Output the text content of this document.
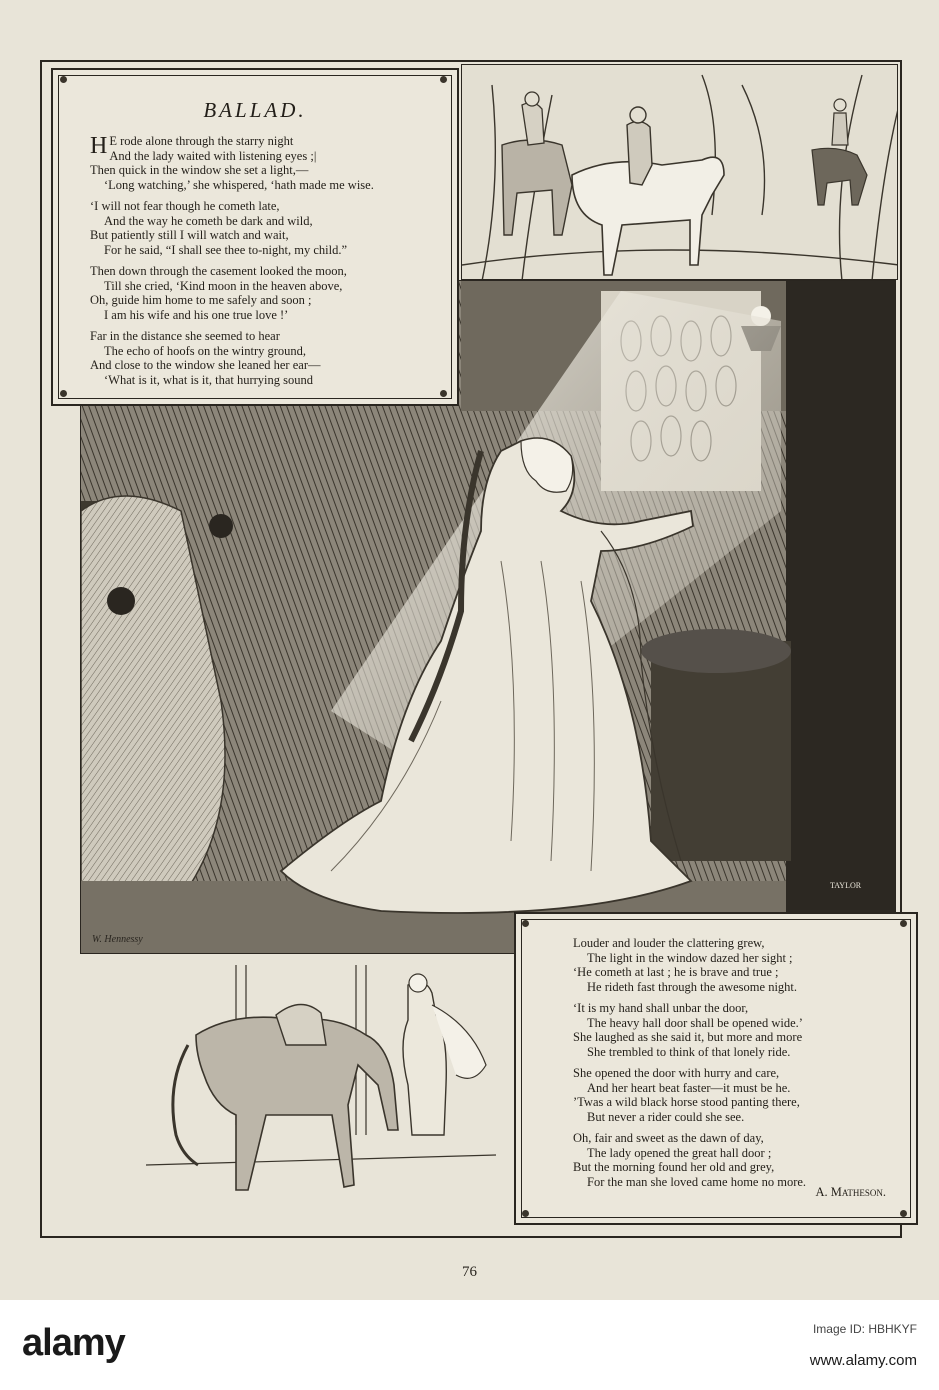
W. Hennessy
TAYLOR
BALLAD.
H E rode alone through the starry night
And the lady waited with listening eyes ;|
Then quick in the window she set a light,—
‘Long watching,’ she whispered, ‘hath made me wise.
‘I will not fear though he cometh late,
And the way he cometh be dark and wild,
But patiently still I will watch and wait,
For he said, “I shall see thee to-night, my child.”
Then down through the casement looked the moon,
Till she cried, ‘Kind moon in the heaven above,
Oh, guide him home to me safely and soon ;
I am his wife and his one true love !’
Far in the distance she seemed to hear
The echo of hoofs on the wintry ground,
And close to the window she leaned her ear—
‘What is it, what is it, that hurrying sound
Louder and louder the clattering grew,
The light in the window dazed her sight ;
‘He cometh at last ; he is brave and true ;
He rideth fast through the awesome night.
‘It is my hand shall unbar the door,
The heavy hall door shall be opened wide.’
She laughed as she said it, but more and more
She trembled to think of that lonely ride.
She opened the door with hurry and care,
And her heart beat faster—it must be he.
’Twas a wild black horse stood panting there,
But never a rider could she see.
Oh, fair and sweet as the dawn of day,
The lady opened the great hall door ;
But the morning found her old and grey,
For the man she loved came home no more.
A. Matheson.
76
alamy	Image ID: HBHKYF
www.alamy.com
